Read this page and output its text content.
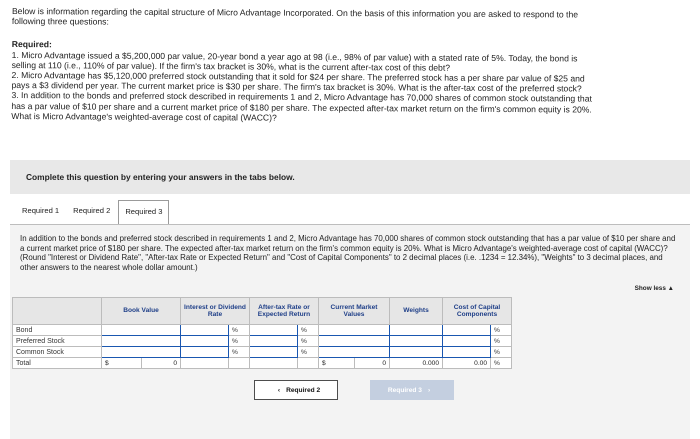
Below is information regarding the capital structure of Micro Advantage Incorporated. On the basis of this information you are asked to respond to the following three questions:

Required:

1. Micro Advantage issued a $5,200,000 par value, 20-year bond a year ago at 98 (i.e., 98% of par value) with a stated rate of 5%. Today, the bond is selling at 110 (i.e., 110% of par value). If the firm's tax bracket is 30%, what is the current after-tax cost of this debt?

2. Micro Advantage has $5,120,000 preferred stock outstanding that it sold for $24 per share. The preferred stock has a per share par value of $25 and pays a $3 dividend per year. The current market price is $30 per share. The firm's tax bracket is 30%. What is the after-tax cost of the preferred stock?

3. In addition to the bonds and preferred stock described in requirements 1 and 2, Micro Advantage has 70,000 shares of common stock outstanding that has a par value of $10 per share and a current market price of $180 per share. The expected after-tax market return on the firm's common equity is 20%. What is Micro Advantage's weighted-average cost of capital (WACC)?

Complete this question by entering your answers in the tabs below.
Required 1	Required 2	Required 3
In addition to the bonds and preferred stock described in requirements 1 and 2, Micro Advantage has 70,000 shares of common stock outstanding that has a par value of $10 per share and a current market price of $180 per share. The expected after-tax market return on the firm's common equity is 20%. What is Micro Advantage's weighted-average cost of capital (WACC)? (Round "Interest or Dividend Rate", "After-tax Rate or Expected Return" and "Cost of Capital Components" to 2 decimal places (i.e. .1234 = 12.34%), "Weights" to 3 decimal places, and other answers to the nearest whole dollar amount.)
Show less ▲
	Book Value		Interest or Dividend Rate		After-tax Rate or Expected Return		Current Market Values		Weights	Cost of Capital Components	
Bond				%		%					%
Preferred Stock				%		%					%
Common Stock				%		%					%
Total	$	0					$	0	0.000	0.00	%
‹ Required 2	Required 3 ›
